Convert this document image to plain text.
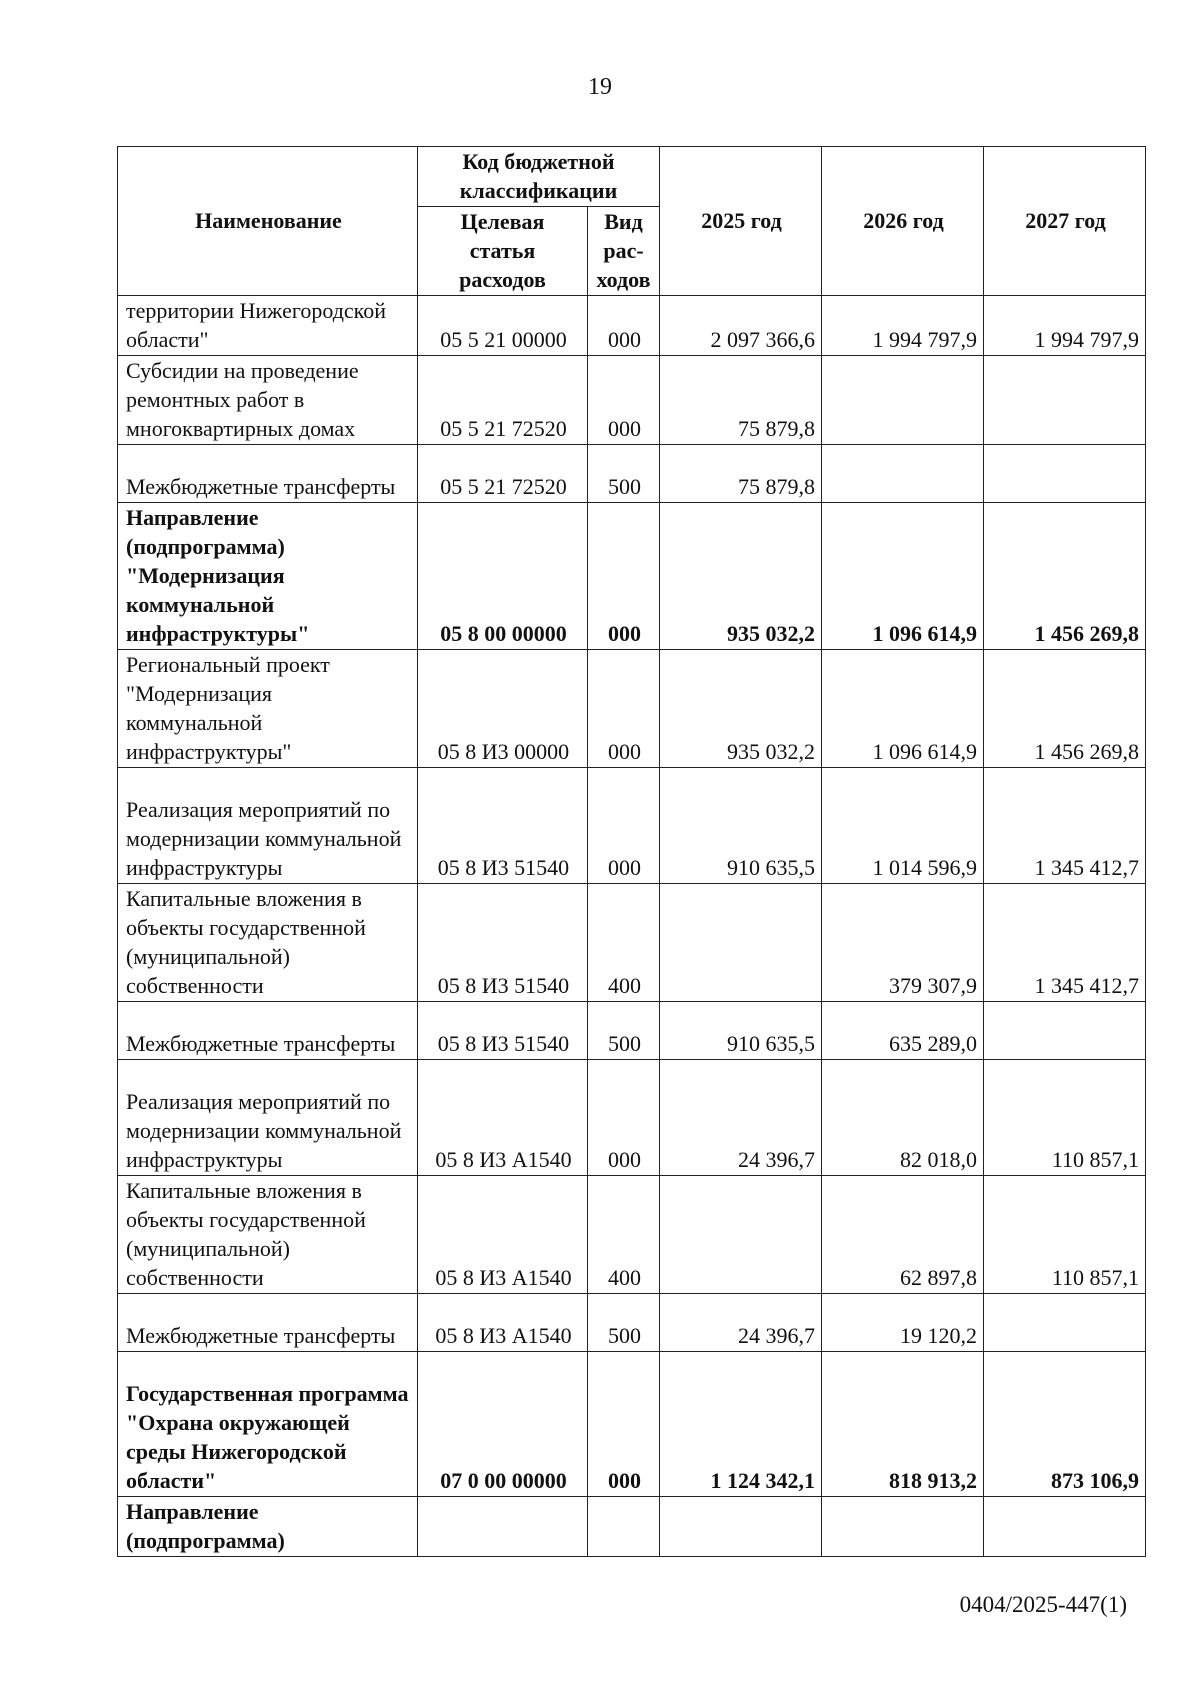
19
Наименование	Код бюджетной классификации		2025 год	2026 год	2027 год
	Целевая статья расходов	Вид рас-ходов			
территории Нижегородской области"	05 5 21 00000	000	2 097 366,6	1 994 797,9	1 994 797,9
Субсидии на проведение ремонтных работ в многоквартирных домах	05 5 21 72520	000	75 879,8		
Межбюджетные трансферты	05 5 21 72520	500	75 879,8		
Направление (подпрограмма) "Модернизация коммунальной инфраструктуры"	05 8 00 00000	000	935 032,2	1 096 614,9	1 456 269,8
Региональный проект "Модернизация коммунальной инфраструктуры"	05 8 И3 00000	000	935 032,2	1 096 614,9	1 456 269,8
Реализация мероприятий по модернизации коммунальной инфраструктуры	05 8 И3 51540	000	910 635,5	1 014 596,9	1 345 412,7
Капитальные вложения в объекты государственной (муниципальной) собственности	05 8 И3 51540	400		379 307,9	1 345 412,7
Межбюджетные трансферты	05 8 И3 51540	500	910 635,5	635 289,0	
Реализация мероприятий по модернизации коммунальной инфраструктуры	05 8 И3 А1540	000	24 396,7	82 018,0	110 857,1
Капитальные вложения в объекты государственной (муниципальной) собственности	05 8 И3 А1540	400		62 897,8	110 857,1
Межбюджетные трансферты	05 8 И3 А1540	500	24 396,7	19 120,2	
Государственная программа "Охрана окружающей среды Нижегородской области"	07 0 00 00000	000	1 124 342,1	818 913,2	873 106,9
Направление (подпрограмма)					
0404/2025-447(1)
